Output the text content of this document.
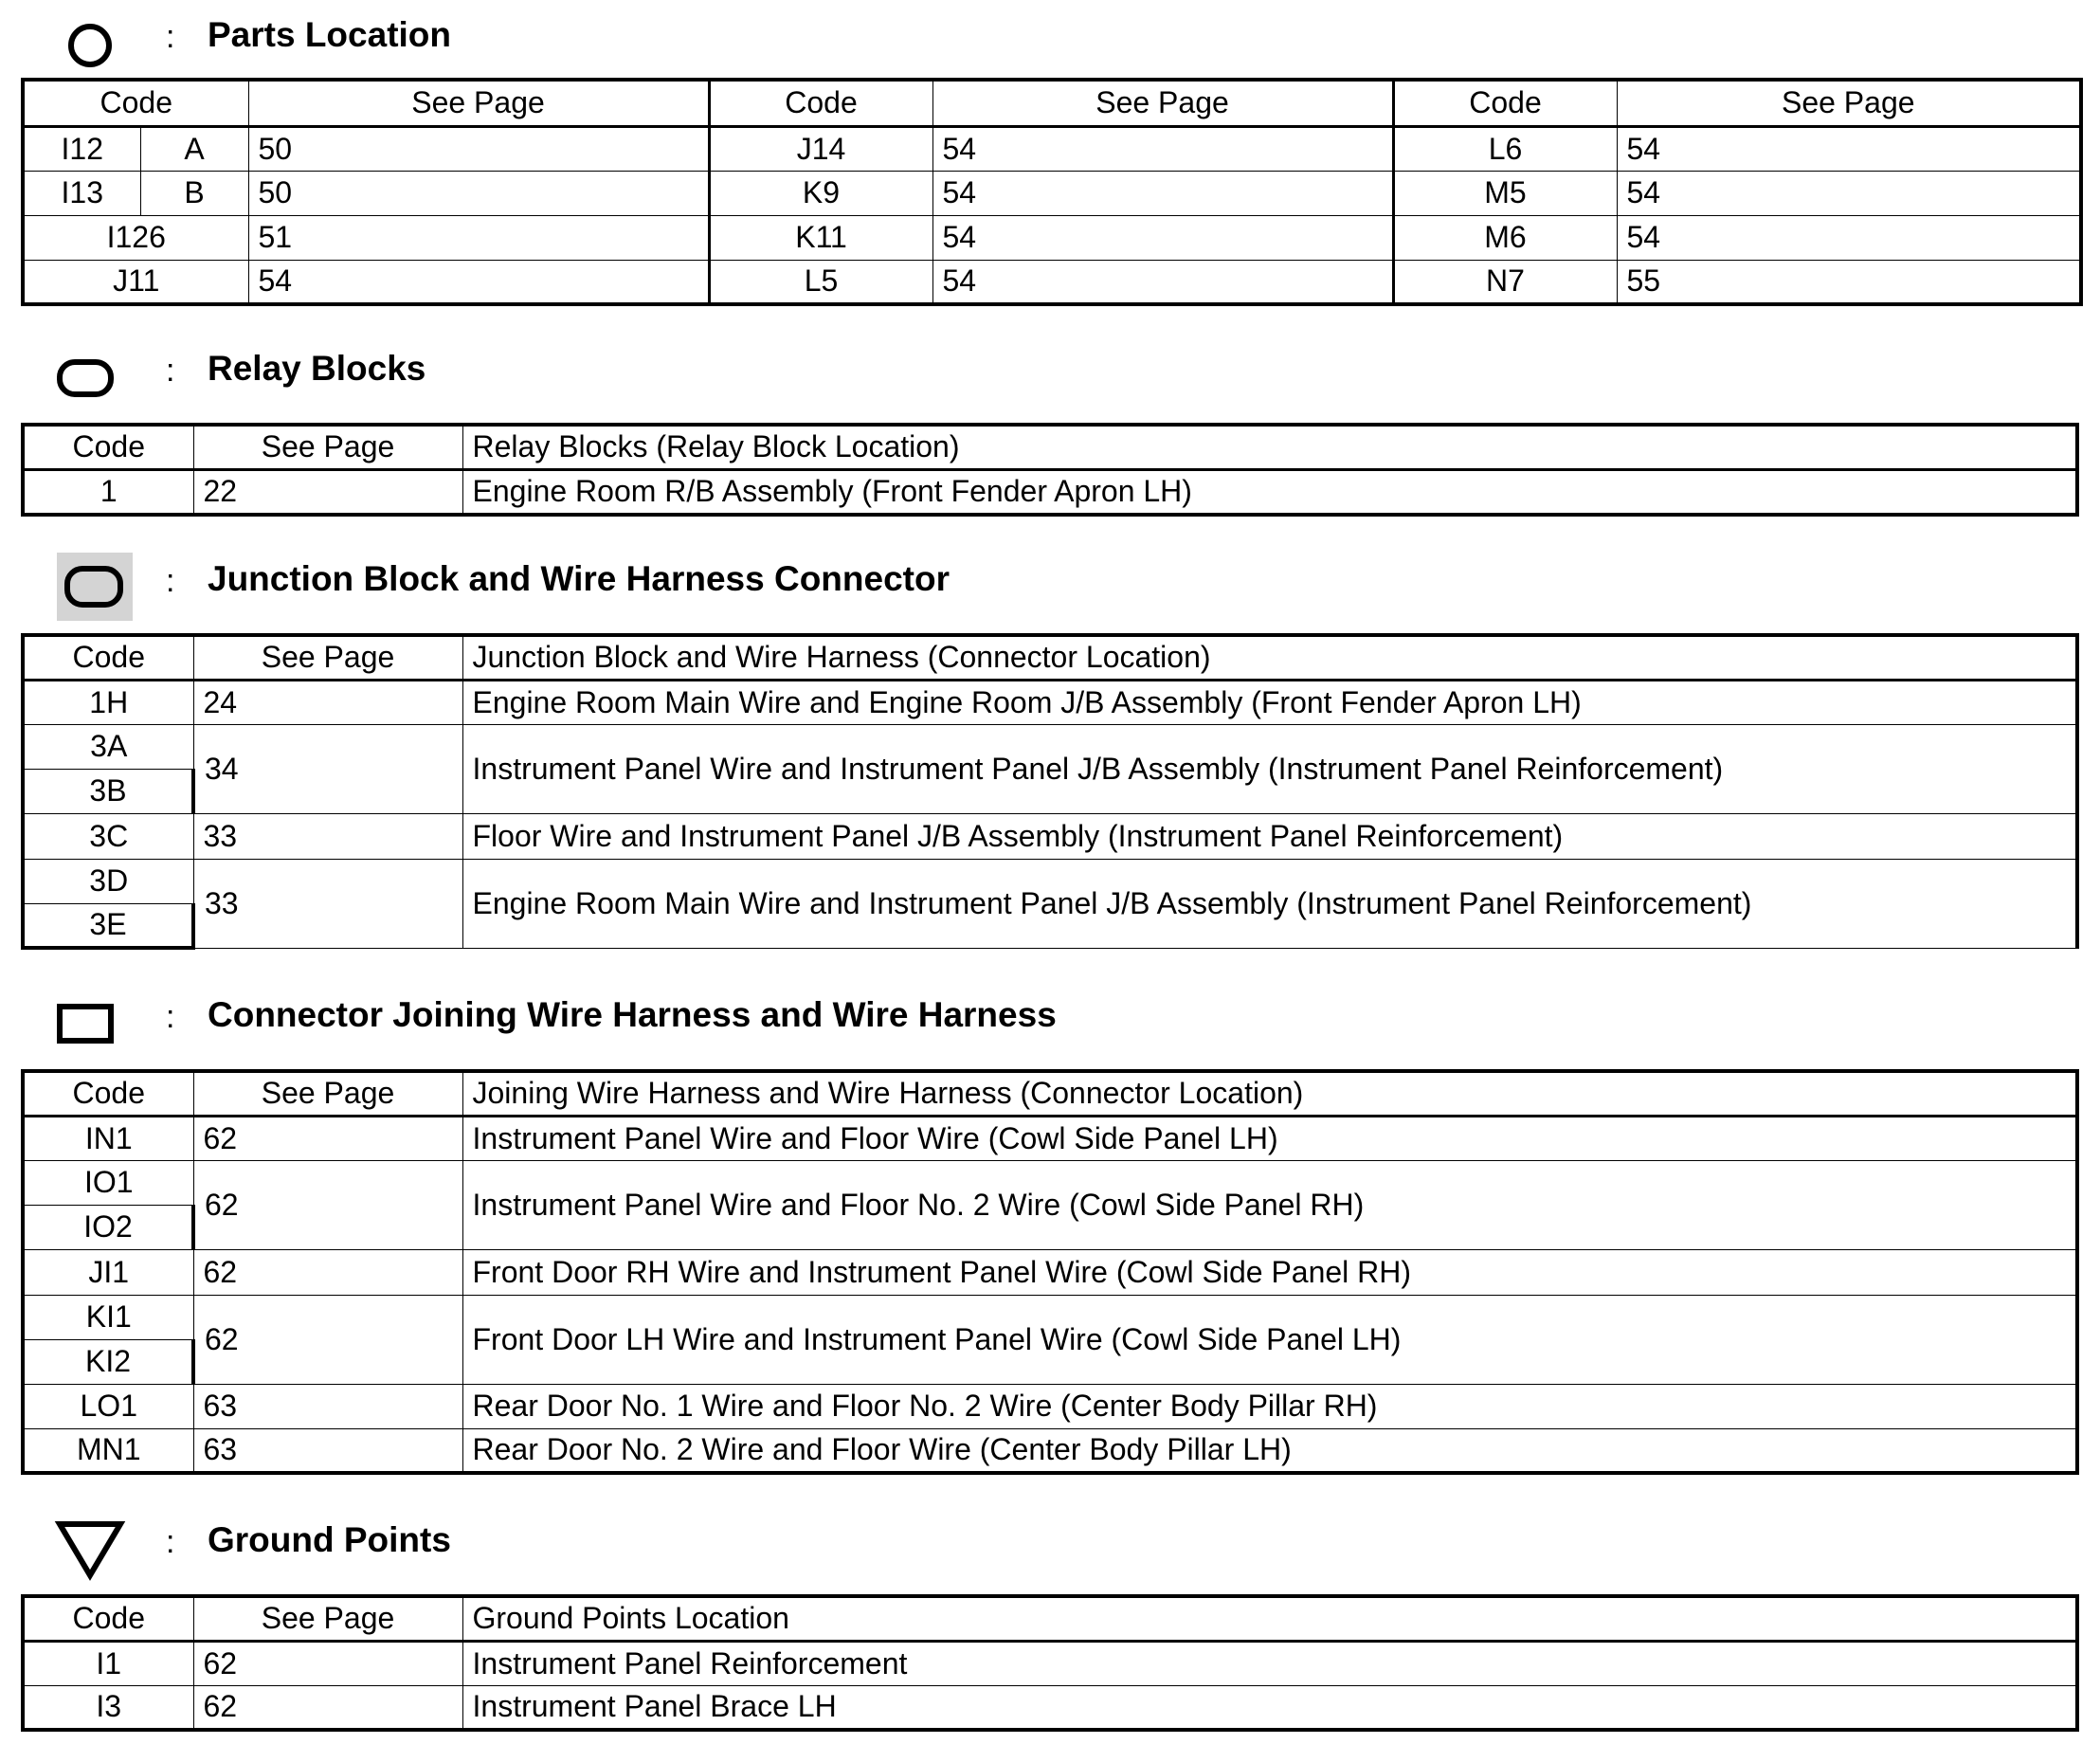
: Parts Location
Code		See Page	Code	See Page	Code	See Page
I12	A	50	J14	54	L6	54
I13	B	50	K9	54	M5	54
I126		51	K11	54	M6	54
J11		54	L5	54	N7	55
: Relay Blocks
Code	See Page	Relay Blocks (Relay Block Location)
1	22	Engine Room R/B Assembly (Front Fender Apron LH)
: Junction Block and Wire Harness Connector
Code	See Page	Junction Block and Wire Harness (Connector Location)
1H	24	Engine Room Main Wire and Engine Room J/B Assembly (Front Fender Apron LH)
3A	34	Instrument Panel Wire and Instrument Panel J/B Assembly (Instrument Panel Reinforcement)
3B		
3C	33	Floor Wire and Instrument Panel J/B Assembly (Instrument Panel Reinforcement)
3D	33	Engine Room Main Wire and Instrument Panel J/B Assembly (Instrument Panel Reinforcement)
3E		
: Connector Joining Wire Harness and Wire Harness
Code	See Page	Joining Wire Harness and Wire Harness (Connector Location)
IN1	62	Instrument Panel Wire and Floor Wire (Cowl Side Panel LH)
IO1	62	Instrument Panel Wire and Floor No. 2 Wire (Cowl Side Panel RH)
IO2		
JI1	62	Front Door RH Wire and Instrument Panel Wire (Cowl Side Panel RH)
KI1	62	Front Door LH Wire and Instrument Panel Wire (Cowl Side Panel LH)
KI2		
LO1	63	Rear Door No. 1 Wire and Floor No. 2 Wire (Center Body Pillar RH)
MN1	63	Rear Door No. 2 Wire and Floor Wire (Center Body Pillar LH)
: Ground Points
Code	See Page	Ground Points Location
I1	62	Instrument Panel Reinforcement
I3	62	Instrument Panel Brace LH
